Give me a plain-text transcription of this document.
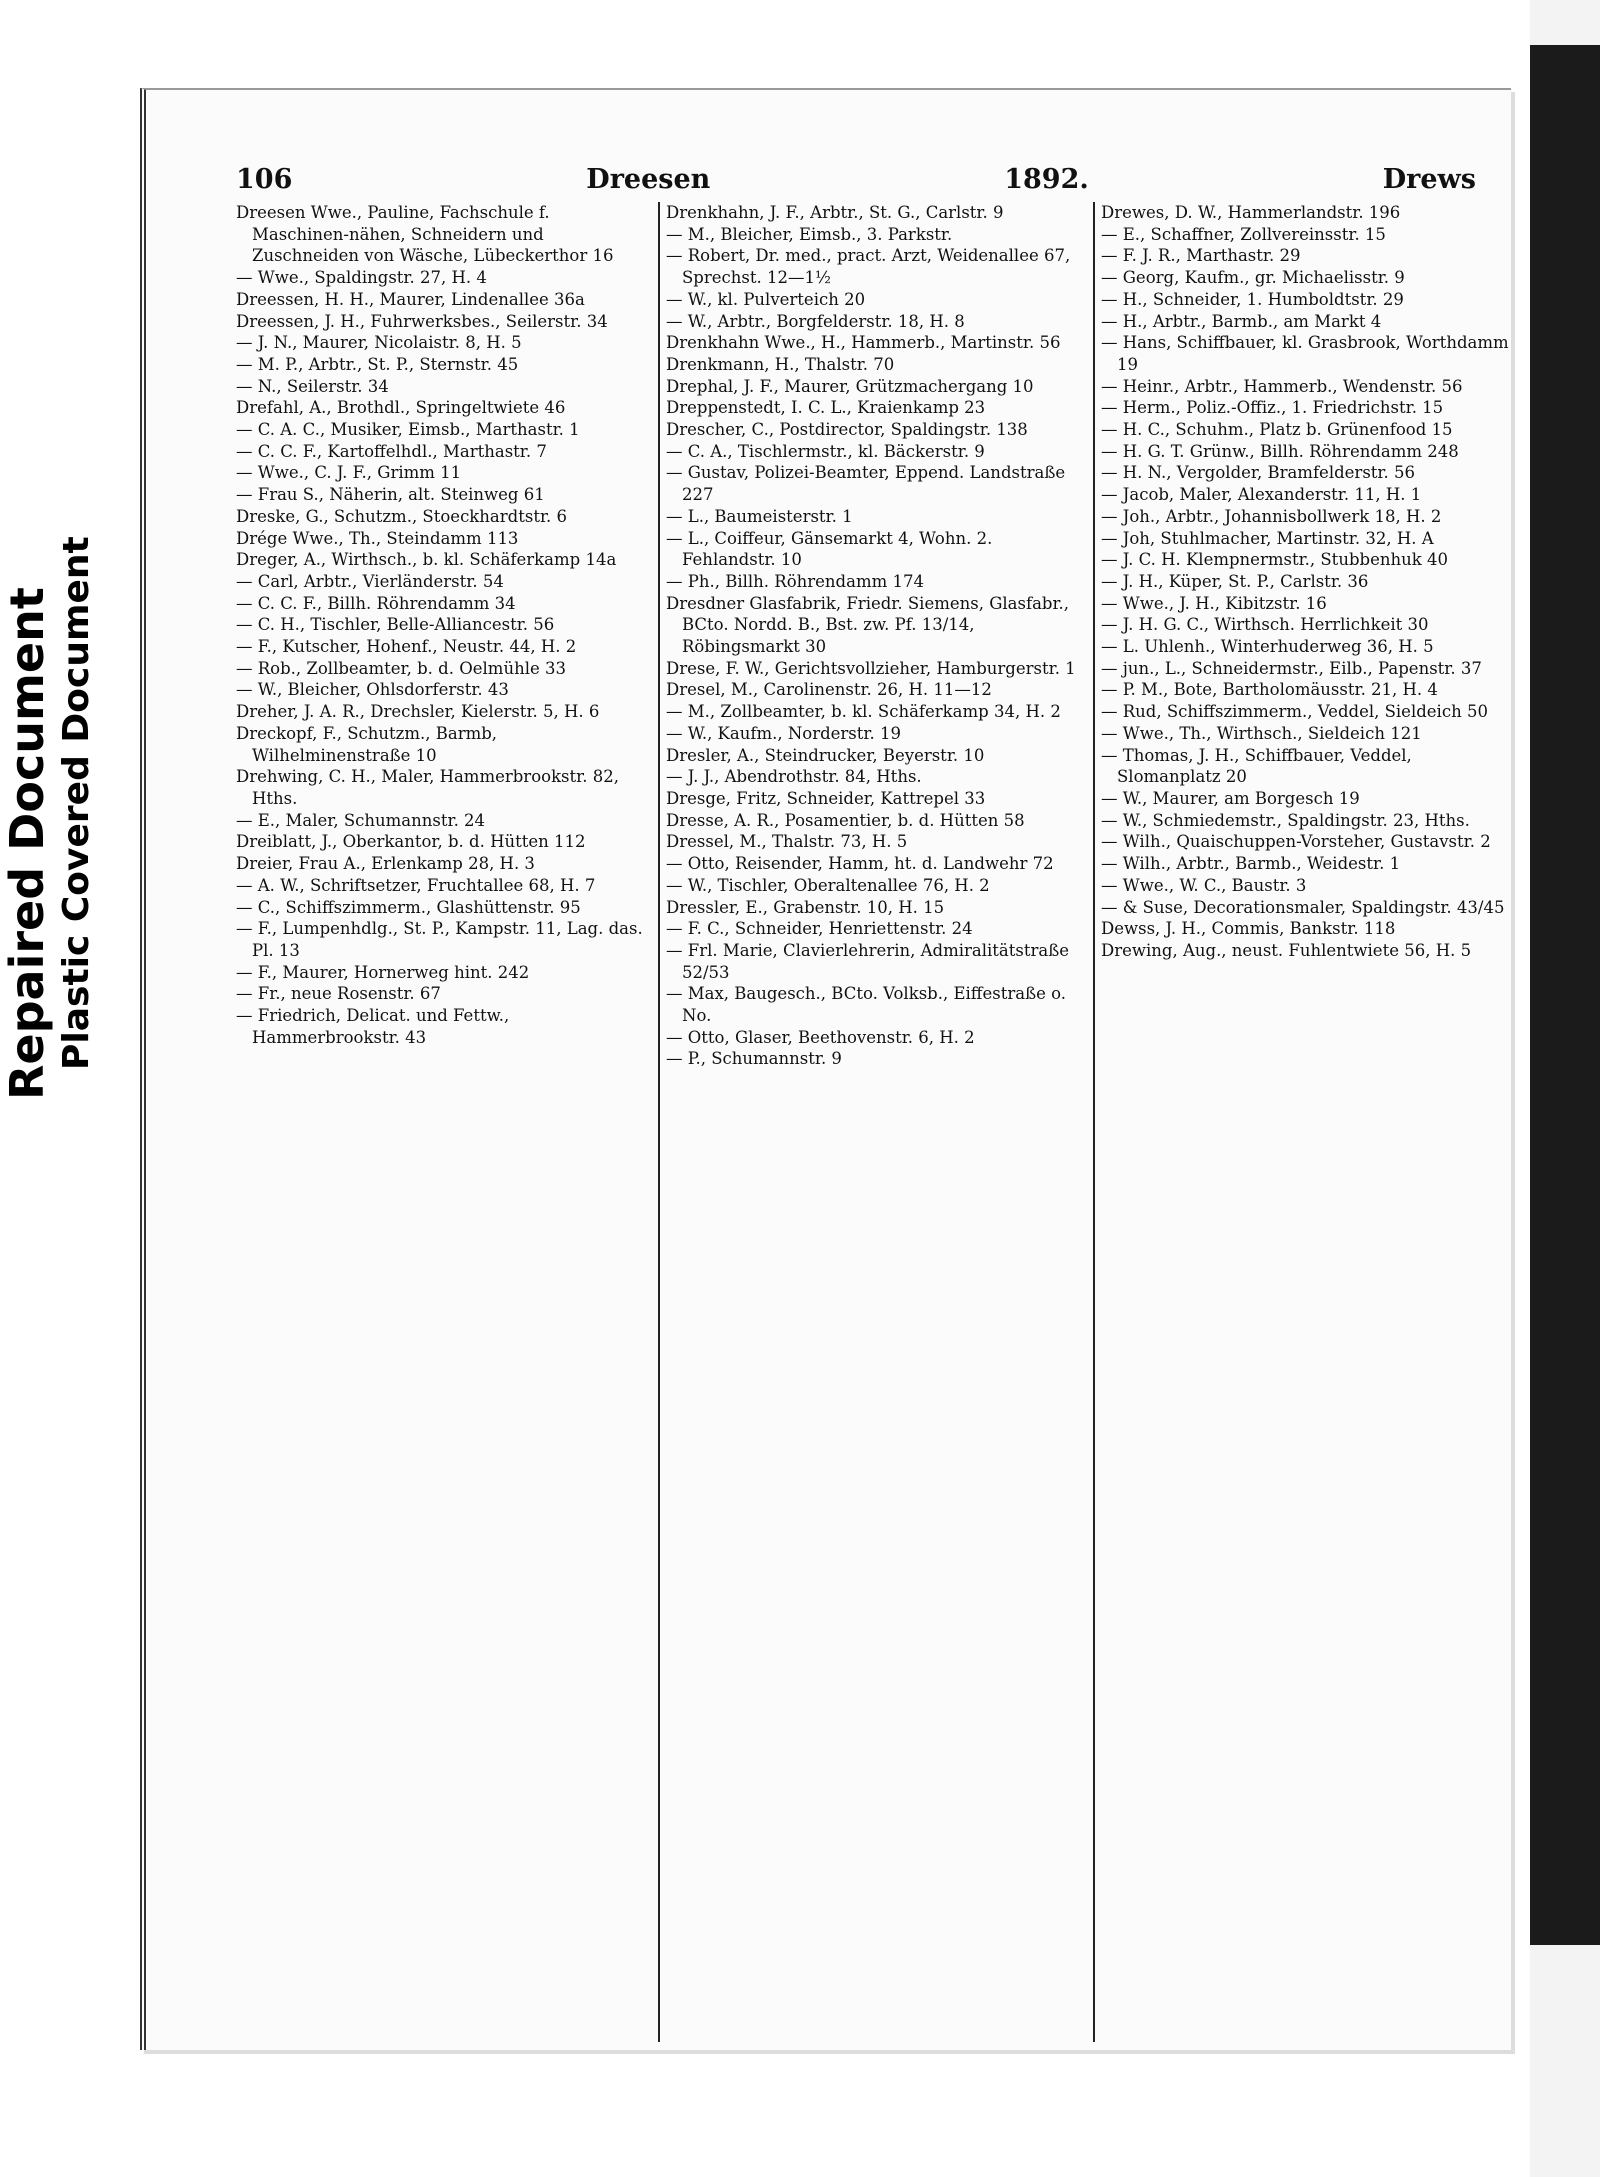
Repaired Document Plastic Covered Document
106	Dreesen	1892.	Drews

Dreesen Wwe., Pauline, Fachschule f. Maschinen-nähen, Schneidern und Zuschneiden von Wäsche, Lübeckerthor 16

— Wwe., Spaldingstr. 27, H. 4

Dreessen, H. H., Maurer, Lindenallee 36a

Dreessen, J. H., Fuhrwerksbes., Seilerstr. 34

— J. N., Maurer, Nicolaistr. 8, H. 5

— M. P., Arbtr., St. P., Sternstr. 45

— N., Seilerstr. 34

Drefahl, A., Brothdl., Springeltwiete 46

— C. A. C., Musiker, Eimsb., Marthastr. 1

— C. C. F., Kartoffelhdl., Marthastr. 7

— Wwe., C. J. F., Grimm 11

— Frau S., Näherin, alt. Steinweg 61

Dreske, G., Schutzm., Stoeckhardtstr. 6

Drége Wwe., Th., Steindamm 113

Dreger, A., Wirthsch., b. kl. Schäferkamp 14a

— Carl, Arbtr., Vierländerstr. 54

— C. C. F., Billh. Röhrendamm 34

— C. H., Tischler, Belle-Alliancestr. 56

— F., Kutscher, Hohenf., Neustr. 44, H. 2

— Rob., Zollbeamter, b. d. Oelmühle 33

— W., Bleicher, Ohlsdorferstr. 43

Dreher, J. A. R., Drechsler, Kielerstr. 5, H. 6

Dreckopf, F., Schutzm., Barmb, Wilhelminenstraße 10

Drehwing, C. H., Maler, Hammerbrookstr. 82, Hths.

— E., Maler, Schumannstr. 24

Dreiblatt, J., Oberkantor, b. d. Hütten 112

Dreier, Frau A., Erlenkamp 28, H. 3

— A. W., Schriftsetzer, Fruchtallee 68, H. 7

— C., Schiffszimmerm., Glashüttenstr. 95

— F., Lumpenhdlg., St. P., Kampstr. 11, Lag. das. Pl. 13

— F., Maurer, Hornerweg hint. 242

— Fr., neue Rosenstr. 67

— Friedrich, Delicat. und Fettw., Hammerbrookstr. 43

Drenkhahn, J. F., Arbtr., St. G., Carlstr. 9

— M., Bleicher, Eimsb., 3. Parkstr.

— Robert, Dr. med., pract. Arzt, Weidenallee 67, Sprechst. 12—1½

— W., kl. Pulverteich 20

— W., Arbtr., Borgfelderstr. 18, H. 8

Drenkhahn Wwe., H., Hammerb., Martinstr. 56

Drenkmann, H., Thalstr. 70

Drephal, J. F., Maurer, Grützmachergang 10

Dreppenstedt, I. C. L., Kraienkamp 23

Drescher, C., Postdirector, Spaldingstr. 138

— C. A., Tischlermstr., kl. Bäckerstr. 9

— Gustav, Polizei-Beamter, Eppend. Landstraße 227

— L., Baumeisterstr. 1

— L., Coiffeur, Gänsemarkt 4, Wohn. 2. Fehlandstr. 10

— Ph., Billh. Röhrendamm 174

Dresdner Glasfabrik, Friedr. Siemens, Glasfabr., BCto. Nordd. B., Bst. zw. Pf. 13/14, Röbingsmarkt 30

Drese, F. W., Gerichtsvollzieher, Hamburgerstr. 1

Dresel, M., Carolinenstr. 26, H. 11—12

— M., Zollbeamter, b. kl. Schäferkamp 34, H. 2

— W., Kaufm., Norderstr. 19

Dresler, A., Steindrucker, Beyerstr. 10

— J. J., Abendrothstr. 84, Hths.

Dresge, Fritz, Schneider, Kattrepel 33

Dresse, A. R., Posamentier, b. d. Hütten 58

Dressel, M., Thalstr. 73, H. 5

— Otto, Reisender, Hamm, ht. d. Landwehr 72

— W., Tischler, Oberaltenallee 76, H. 2

Dressler, E., Grabenstr. 10, H. 15

— F. C., Schneider, Henriettenstr. 24

— Frl. Marie, Clavierlehrerin, Admiralitätstraße 52/53

— Max, Baugesch., BCto. Volksb., Eiffestraße o. No.

— Otto, Glaser, Beethovenstr. 6, H. 2

— P., Schumannstr. 9

Drewes, D. W., Hammerlandstr. 196

— E., Schaffner, Zollvereinsstr. 15

— F. J. R., Marthastr. 29

— Georg, Kaufm., gr. Michaelisstr. 9

— H., Schneider, 1. Humboldtstr. 29

— H., Arbtr., Barmb., am Markt 4

— Hans, Schiffbauer, kl. Grasbrook, Worthdamm 19

— Heinr., Arbtr., Hammerb., Wendenstr. 56

— Herm., Poliz.-Offiz., 1. Friedrichstr. 15

— H. C., Schuhm., Platz b. Grünenfood 15

— H. G. T. Grünw., Billh. Röhrendamm 248

— H. N., Vergolder, Bramfelderstr. 56

— Jacob, Maler, Alexanderstr. 11, H. 1

— Joh., Arbtr., Johannisbollwerk 18, H. 2

— Joh, Stuhlmacher, Martinstr. 32, H. A

— J. C. H. Klempnermstr., Stubbenhuk 40

— J. H., Küper, St. P., Carlstr. 36

— Wwe., J. H., Kibitzstr. 16

— J. H. G. C., Wirthsch. Herrlichkeit 30

— L. Uhlenh., Winterhuderweg 36, H. 5

— jun., L., Schneidermstr., Eilb., Papenstr. 37

— P. M., Bote, Bartholomäusstr. 21, H. 4

— Rud, Schiffszimmerm., Veddel, Sieldeich 50

— Wwe., Th., Wirthsch., Sieldeich 121

— Thomas, J. H., Schiffbauer, Veddel, Slomanplatz 20

— W., Maurer, am Borgesch 19

— W., Schmiedemstr., Spaldingstr. 23, Hths.

— Wilh., Quaischuppen-Vorsteher, Gustavstr. 2

— Wilh., Arbtr., Barmb., Weidestr. 1

— Wwe., W. C., Baustr. 3

— & Suse, Decorationsmaler, Spaldingstr. 43/45

Dewss, J. H., Commis, Bankstr. 118

Drewing, Aug., neust. Fuhlentwiete 56, H. 5
